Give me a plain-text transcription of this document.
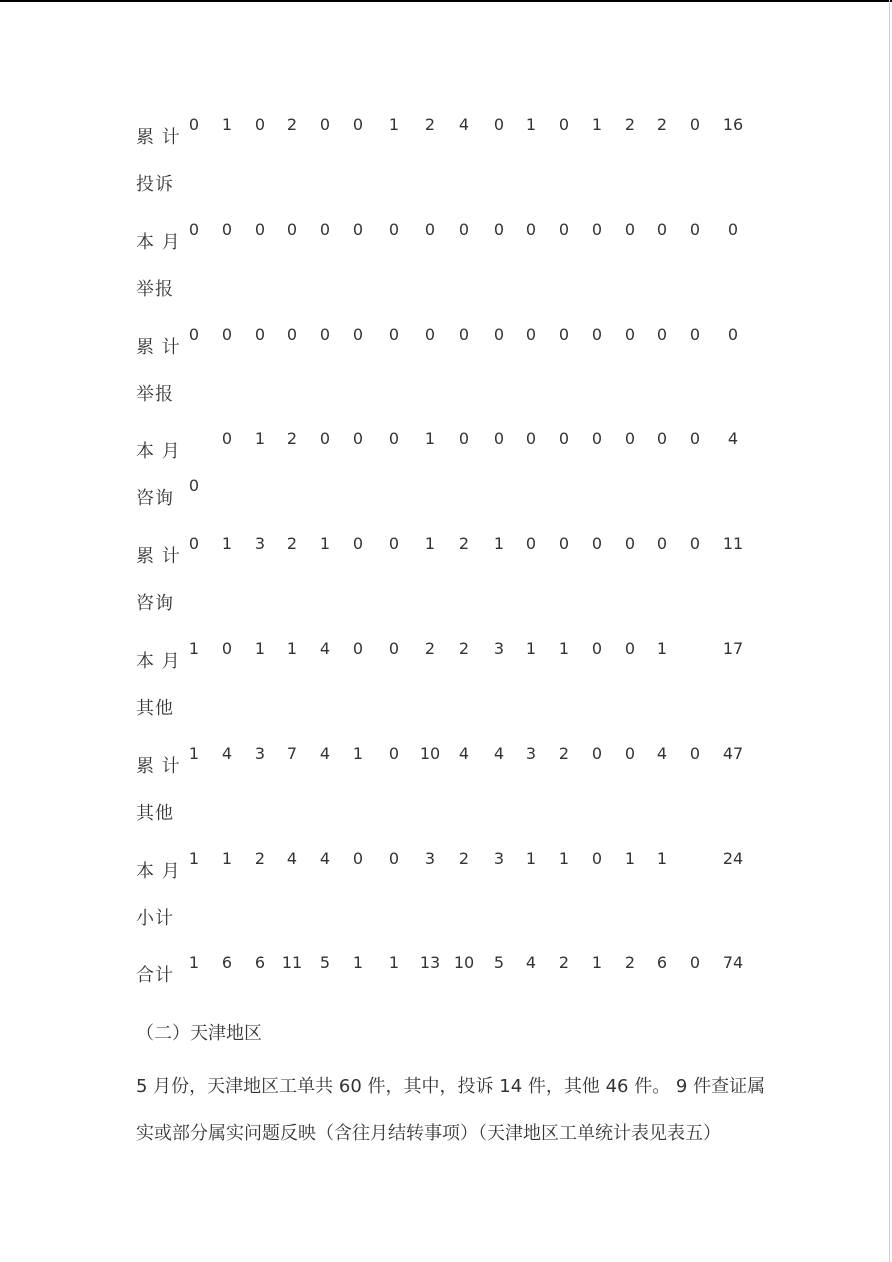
累 计
投诉
0 1 0 2 0 0 1 2 4 0 1 0 1 2 2 0 16
本 月
举报
0 0 0 0 0 0 0 0 0 0 0 0 0 0 0 0 0
累 计
举报
0 0 0 0 0 0 0 0 0 0 0 0 0 0 0 0 0
本 月
咨询
0
0 1 2 0 0 0 1 0 0 0 0 0 0 0 0 4
累 计
咨询
0 1 3 2 1 0 0 1 2 1 0 0 0 0 0 0 11
本 月
其他
1 0 1 1 4 0 0 2 2 3 1 1 0 0 1	17
累 计
其他
1 4 3 7 4 1 0 10 4 4 3 2 0 0 4 0 47
本 月
小计
1 1 2 4 4 0 0 3 2 3 1 1 0 1 1	24
合计
1 6 6 11 5 1 1 13 10 5 4 2 1 2 6 0 74
（二）天津地区
5 月份，天津地区工单共 60 件，其中，投诉 14 件，其他 46 件。 9 件查证属
实或部分属实问题反映（含往月结转事项）（天津地区工单统计表见表五）
